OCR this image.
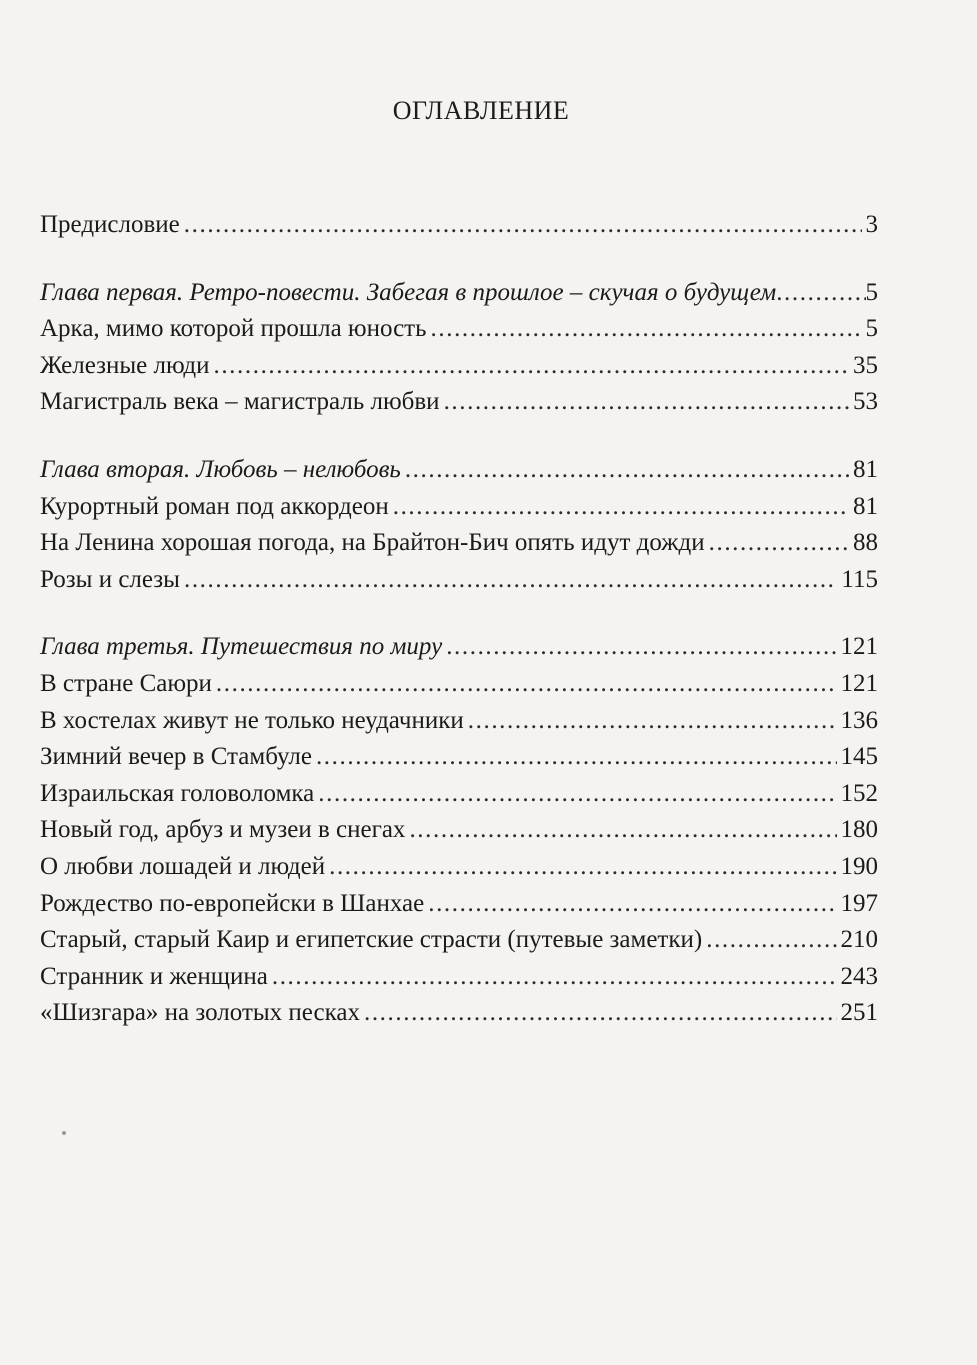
ОГЛАВЛЕНИЕ
Предисловие .....	3
Глава первая. Ретро-повести. Забегая в прошлое – скучая о будущем .....	5
Арка, мимо которой прошла юность .....	5
Железные люди .....	35
Магистраль века – магистраль любви .....	53
Глава вторая. Любовь – нелюбовь .....	81
Курортный роман под аккордеон .....	81
На Ленина хорошая погода, на Брайтон-Бич опять идут дожди .....	88
Розы и слезы .....	115
Глава третья. Путешествия по миру .....	121
В стране Саюри .....	121
В хостелах живут не только неудачники .....	136
Зимний вечер в Стамбуле .....	145
Израильская головоломка .....	152
Новый год, арбуз и музеи в снегах .....	180
О любви лошадей и людей .....	190
Рождество по-европейски в Шанхае .....	197
Старый, старый Каир и египетские страсти (путевые заметки) .....	210
Странник и женщина .....	243
«Шизгара» на золотых песках .....	251
